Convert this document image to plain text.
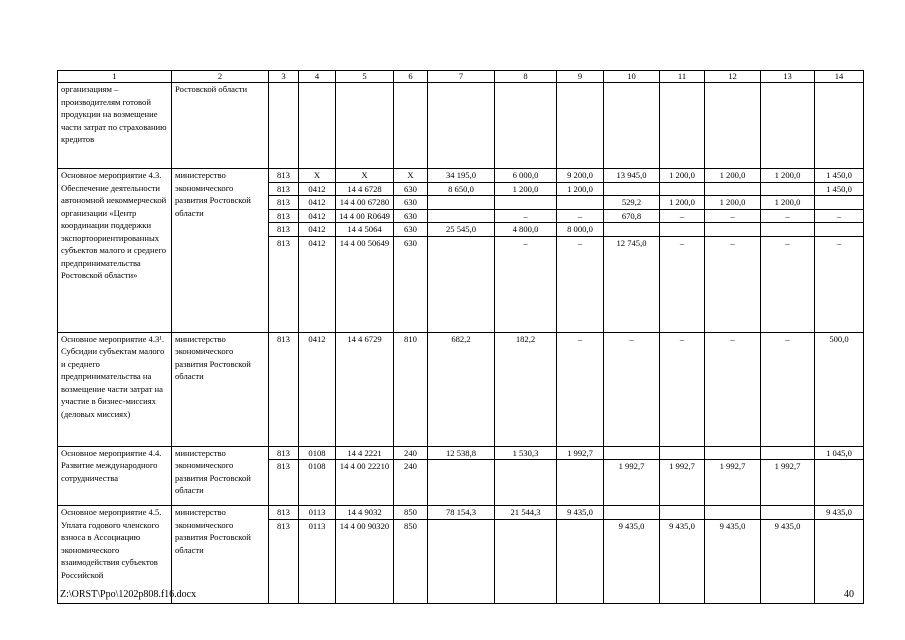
1	2	3	4	5	6	7	8	9	10	11	12	13	14
организациям – производителям готовой продукции на возмещение части затрат по страхованию кредитов	Ростовской области												
Основное мероприятие 4.3. Обеспечение деятельности автономной некоммерческой организации «Центр координации поддержки экспортоориентированных субъектов малого и среднего предпринимательства Ростовской области»	министерство экономического развития Ростовской области	813	Х	Х	Х	34 195,0	6 000,0	9 200,0	13 945,0	1 200,0	1 200,0	1 200,0	1 450,0
		813	0412	14 4 6728	630	8 650,0	1 200,0	1 200,0					1 450,0
		813	0412	14 4 00 67280	630				529,2	1 200,0	1 200,0	1 200,0	
		813	0412	14 4 00 R0649	630		–	–	670,8	–	–	–	–
		813	0412	14 4 5064	630	25 545,0	4 800,0	8 000,0					
		813	0412	14 4 00 50649	630		–	–	12 745,0	–	–	–	–
Основное мероприятие 4.3¹. Субсидии субъектам малого и среднего предпринимательства на возмещение части затрат на участие в бизнес-миссиях (деловых миссиях)	министерство экономического развития Ростовской области	813	0412	14 4 6729	810	682,2	182,2	–	–	–	–	–	500,0
Основное мероприятие 4.4. Развитие международного сотрудничества	министерство экономического развития Ростовской области	813	0108	14 4 2221	240	12 538,8	1 530,3	1 992,7					1 045,0
		813	0108	14 4 00 22210	240				1 992,7	1 992,7	1 992,7	1 992,7	
Основное мероприятие 4.5. Уплата годового членского взноса в Ассоциацию экономического взаимодействия субъектов Российской	министерство экономического развития Ростовской области	813	0113	14 4 9032	850	78 154,3	21 544,3	9 435,0					9 435,0
		813	0113	14 4 00 90320	850				9 435,0	9 435,0	9 435,0	9 435,0	
Z:\ORST\Ppo\1202p808.f16.docx	40
